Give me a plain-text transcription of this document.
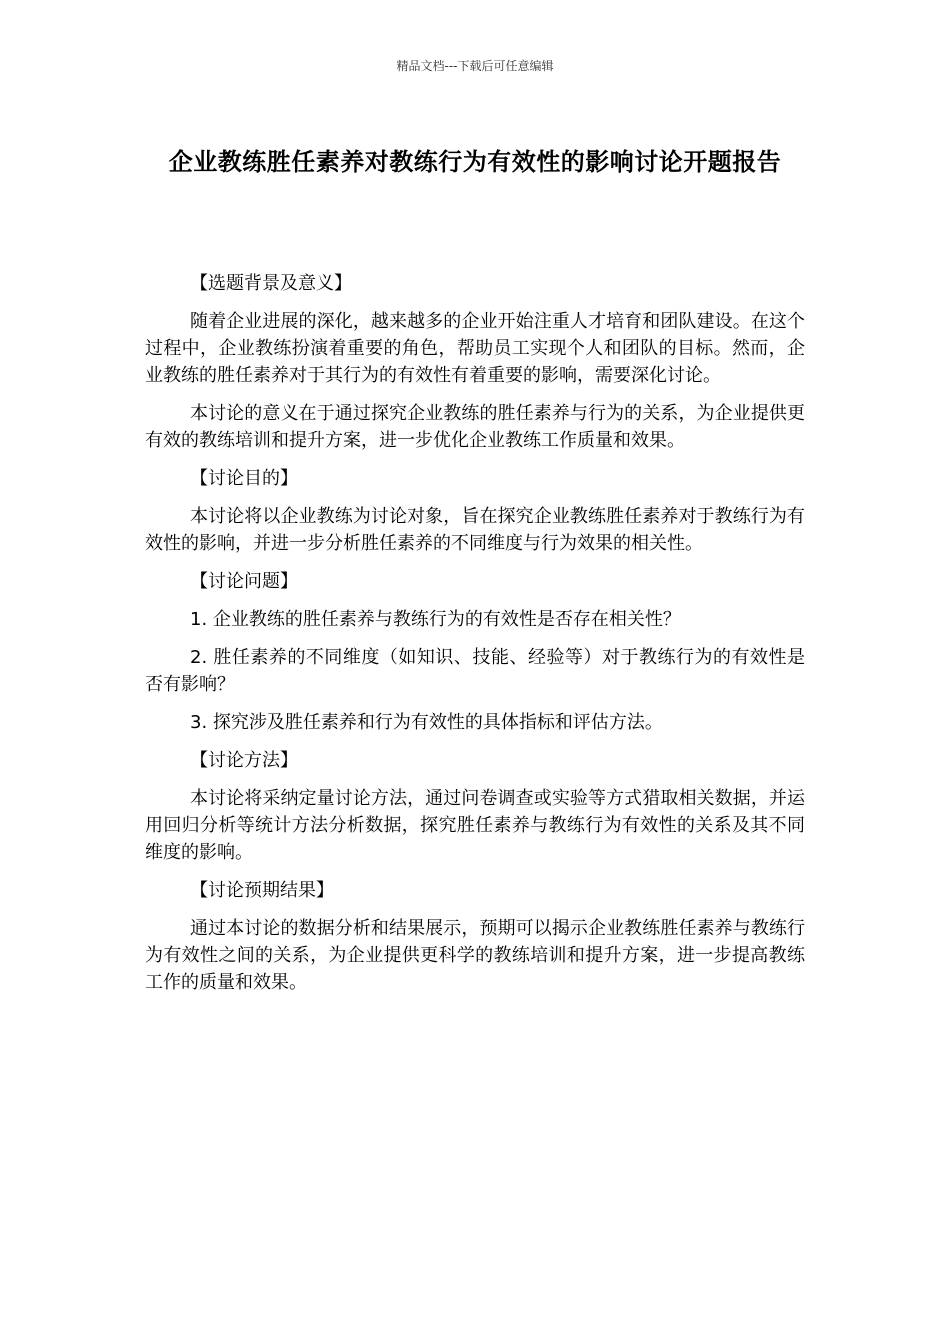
精品文档---下载后可任意编辑
企业教练胜任素养对教练行为有效性的影响讨论开题报告

【选题背景及意义】

随着企业进展的深化，越来越多的企业开始注重人才培育和团队建设。在这个过程中，企业教练扮演着重要的角色，帮助员工实现个人和团队的目标。然而，企业教练的胜任素养对于其行为的有效性有着重要的影响，需要深化讨论。

本讨论的意义在于通过探究企业教练的胜任素养与行为的关系，为企业提供更有效的教练培训和提升方案，进一步优化企业教练工作质量和效果。

【讨论目的】

本讨论将以企业教练为讨论对象，旨在探究企业教练胜任素养对于教练行为有效性的影响，并进一步分析胜任素养的不同维度与行为效果的相关性。

【讨论问题】

1. 企业教练的胜任素养与教练行为的有效性是否存在相关性？

2. 胜任素养的不同维度（如知识、技能、经验等）对于教练行为的有效性是否有影响？

3. 探究涉及胜任素养和行为有效性的具体指标和评估方法。

【讨论方法】

本讨论将采纳定量讨论方法，通过问卷调查或实验等方式猎取相关数据，并运用回归分析等统计方法分析数据，探究胜任素养与教练行为有效性的关系及其不同维度的影响。

【讨论预期结果】

通过本讨论的数据分析和结果展示，预期可以揭示企业教练胜任素养与教练行为有效性之间的关系，为企业提供更科学的教练培训和提升方案，进一步提高教练工作的质量和效果。
